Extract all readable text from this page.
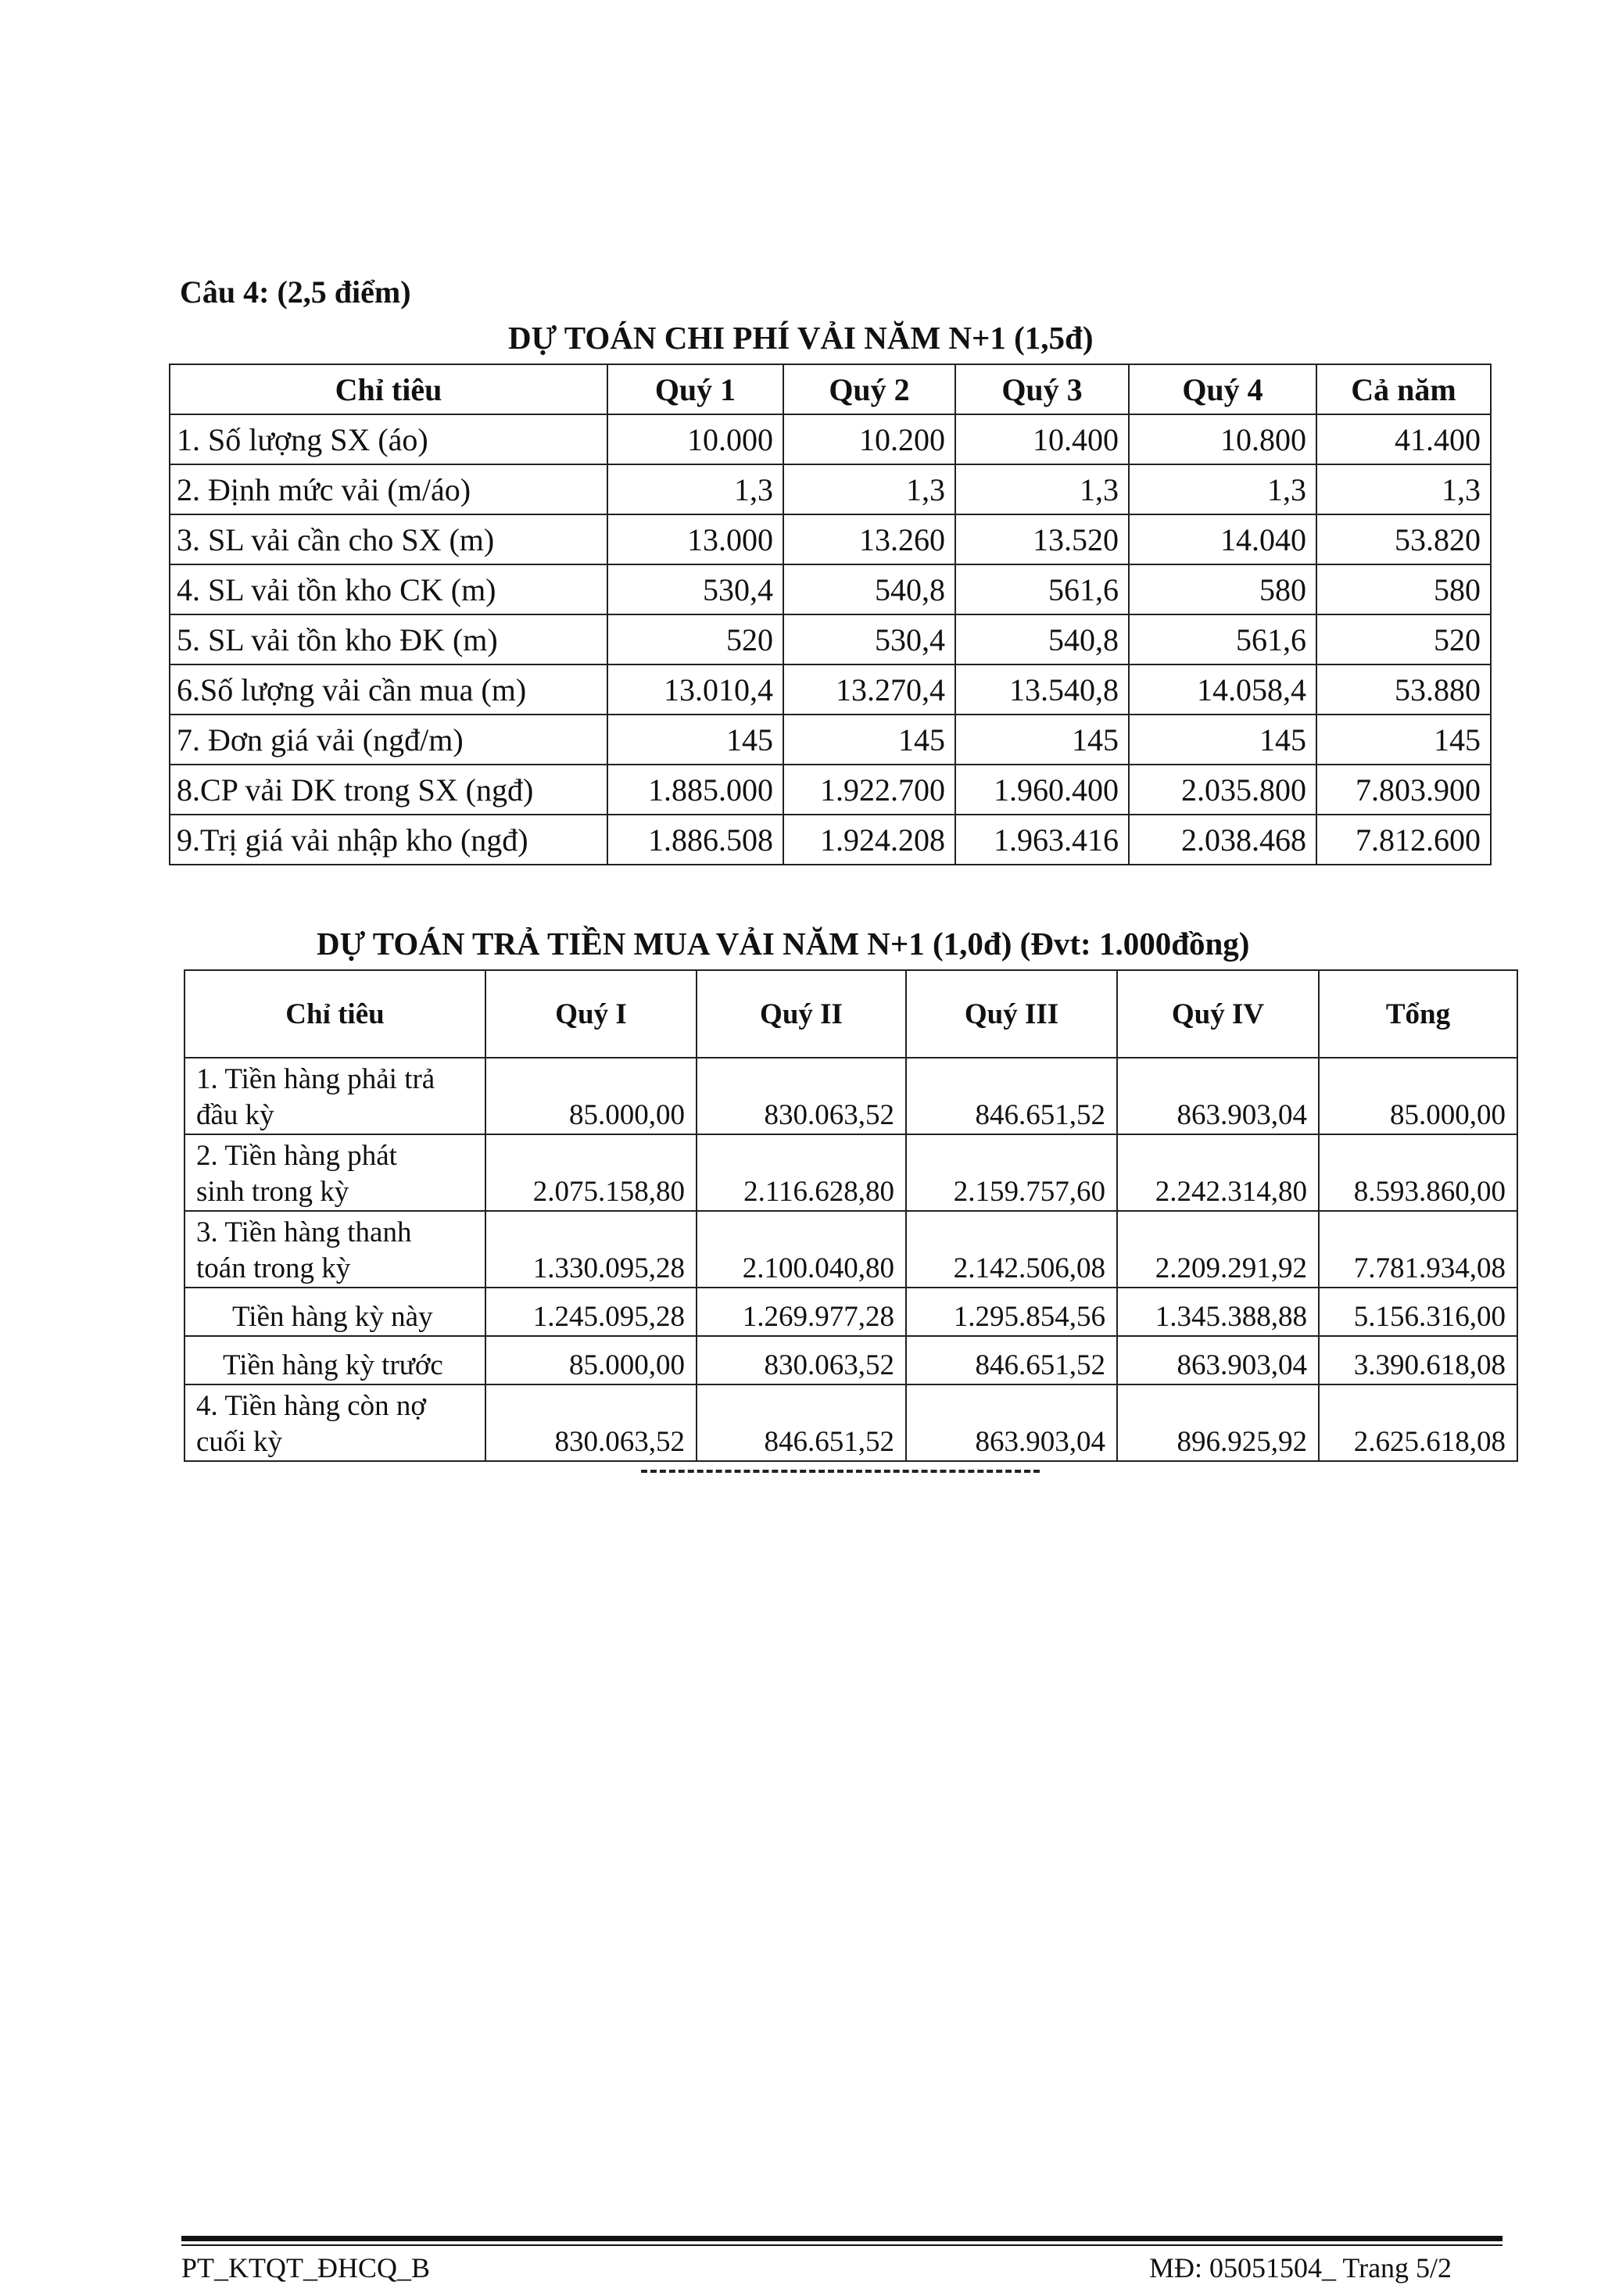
Câu 4: (2,5 điểm)
DỰ TOÁN CHI PHÍ VẢI NĂM N+1 (1,5đ)
Chỉ tiêu	Quý 1	Quý 2	Quý 3	Quý 4	Cả năm
1. Số lượng SX (áo)	10.000	10.200	10.400	10.800	41.400
2. Định mức vải (m/áo)	1,3	1,3	1,3	1,3	1,3
3. SL vải cần cho SX (m)	13.000	13.260	13.520	14.040	53.820
4. SL vải tồn kho CK (m)	530,4	540,8	561,6	580	580
5. SL vải tồn kho ĐK (m)	520	530,4	540,8	561,6	520
6.Số lượng vải cần mua (m)	13.010,4	13.270,4	13.540,8	14.058,4	53.880
7. Đơn giá vải (ngđ/m)	145	145	145	145	145
8.CP vải DK trong SX (ngđ)	1.885.000	1.922.700	1.960.400	2.035.800	7.803.900
9.Trị giá vải nhập kho (ngđ)	1.886.508	1.924.208	1.963.416	2.038.468	7.812.600
DỰ TOÁN TRẢ TIỀN MUA VẢI NĂM N+1 (1,0đ) (Đvt: 1.000đồng)
Chỉ tiêu	Quý I	Quý II	Quý III	Quý IV	Tổng

1. Tiền hàng phải trả
đầu kỳ	85.000,00	830.063,52	846.651,52	863.903,04	85.000,00

2. Tiền hàng phát
sinh trong kỳ	2.075.158,80	2.116.628,80	2.159.757,60	2.242.314,80	8.593.860,00

3. Tiền hàng thanh
toán trong kỳ	1.330.095,28	2.100.040,80	2.142.506,08	2.209.291,92	7.781.934,08

Tiền hàng kỳ này	1.245.095,28	1.269.977,28	1.295.854,56	1.345.388,88	5.156.316,00

Tiền hàng kỳ trước	85.000,00	830.063,52	846.651,52	863.903,04	3.390.618,08

4. Tiền hàng còn nợ
cuối kỳ	830.063,52	846.651,52	863.903,04	896.925,92	2.625.618,08
PT_KTQT_ĐHCQ_B	MĐ: 05051504_ Trang 5/2
